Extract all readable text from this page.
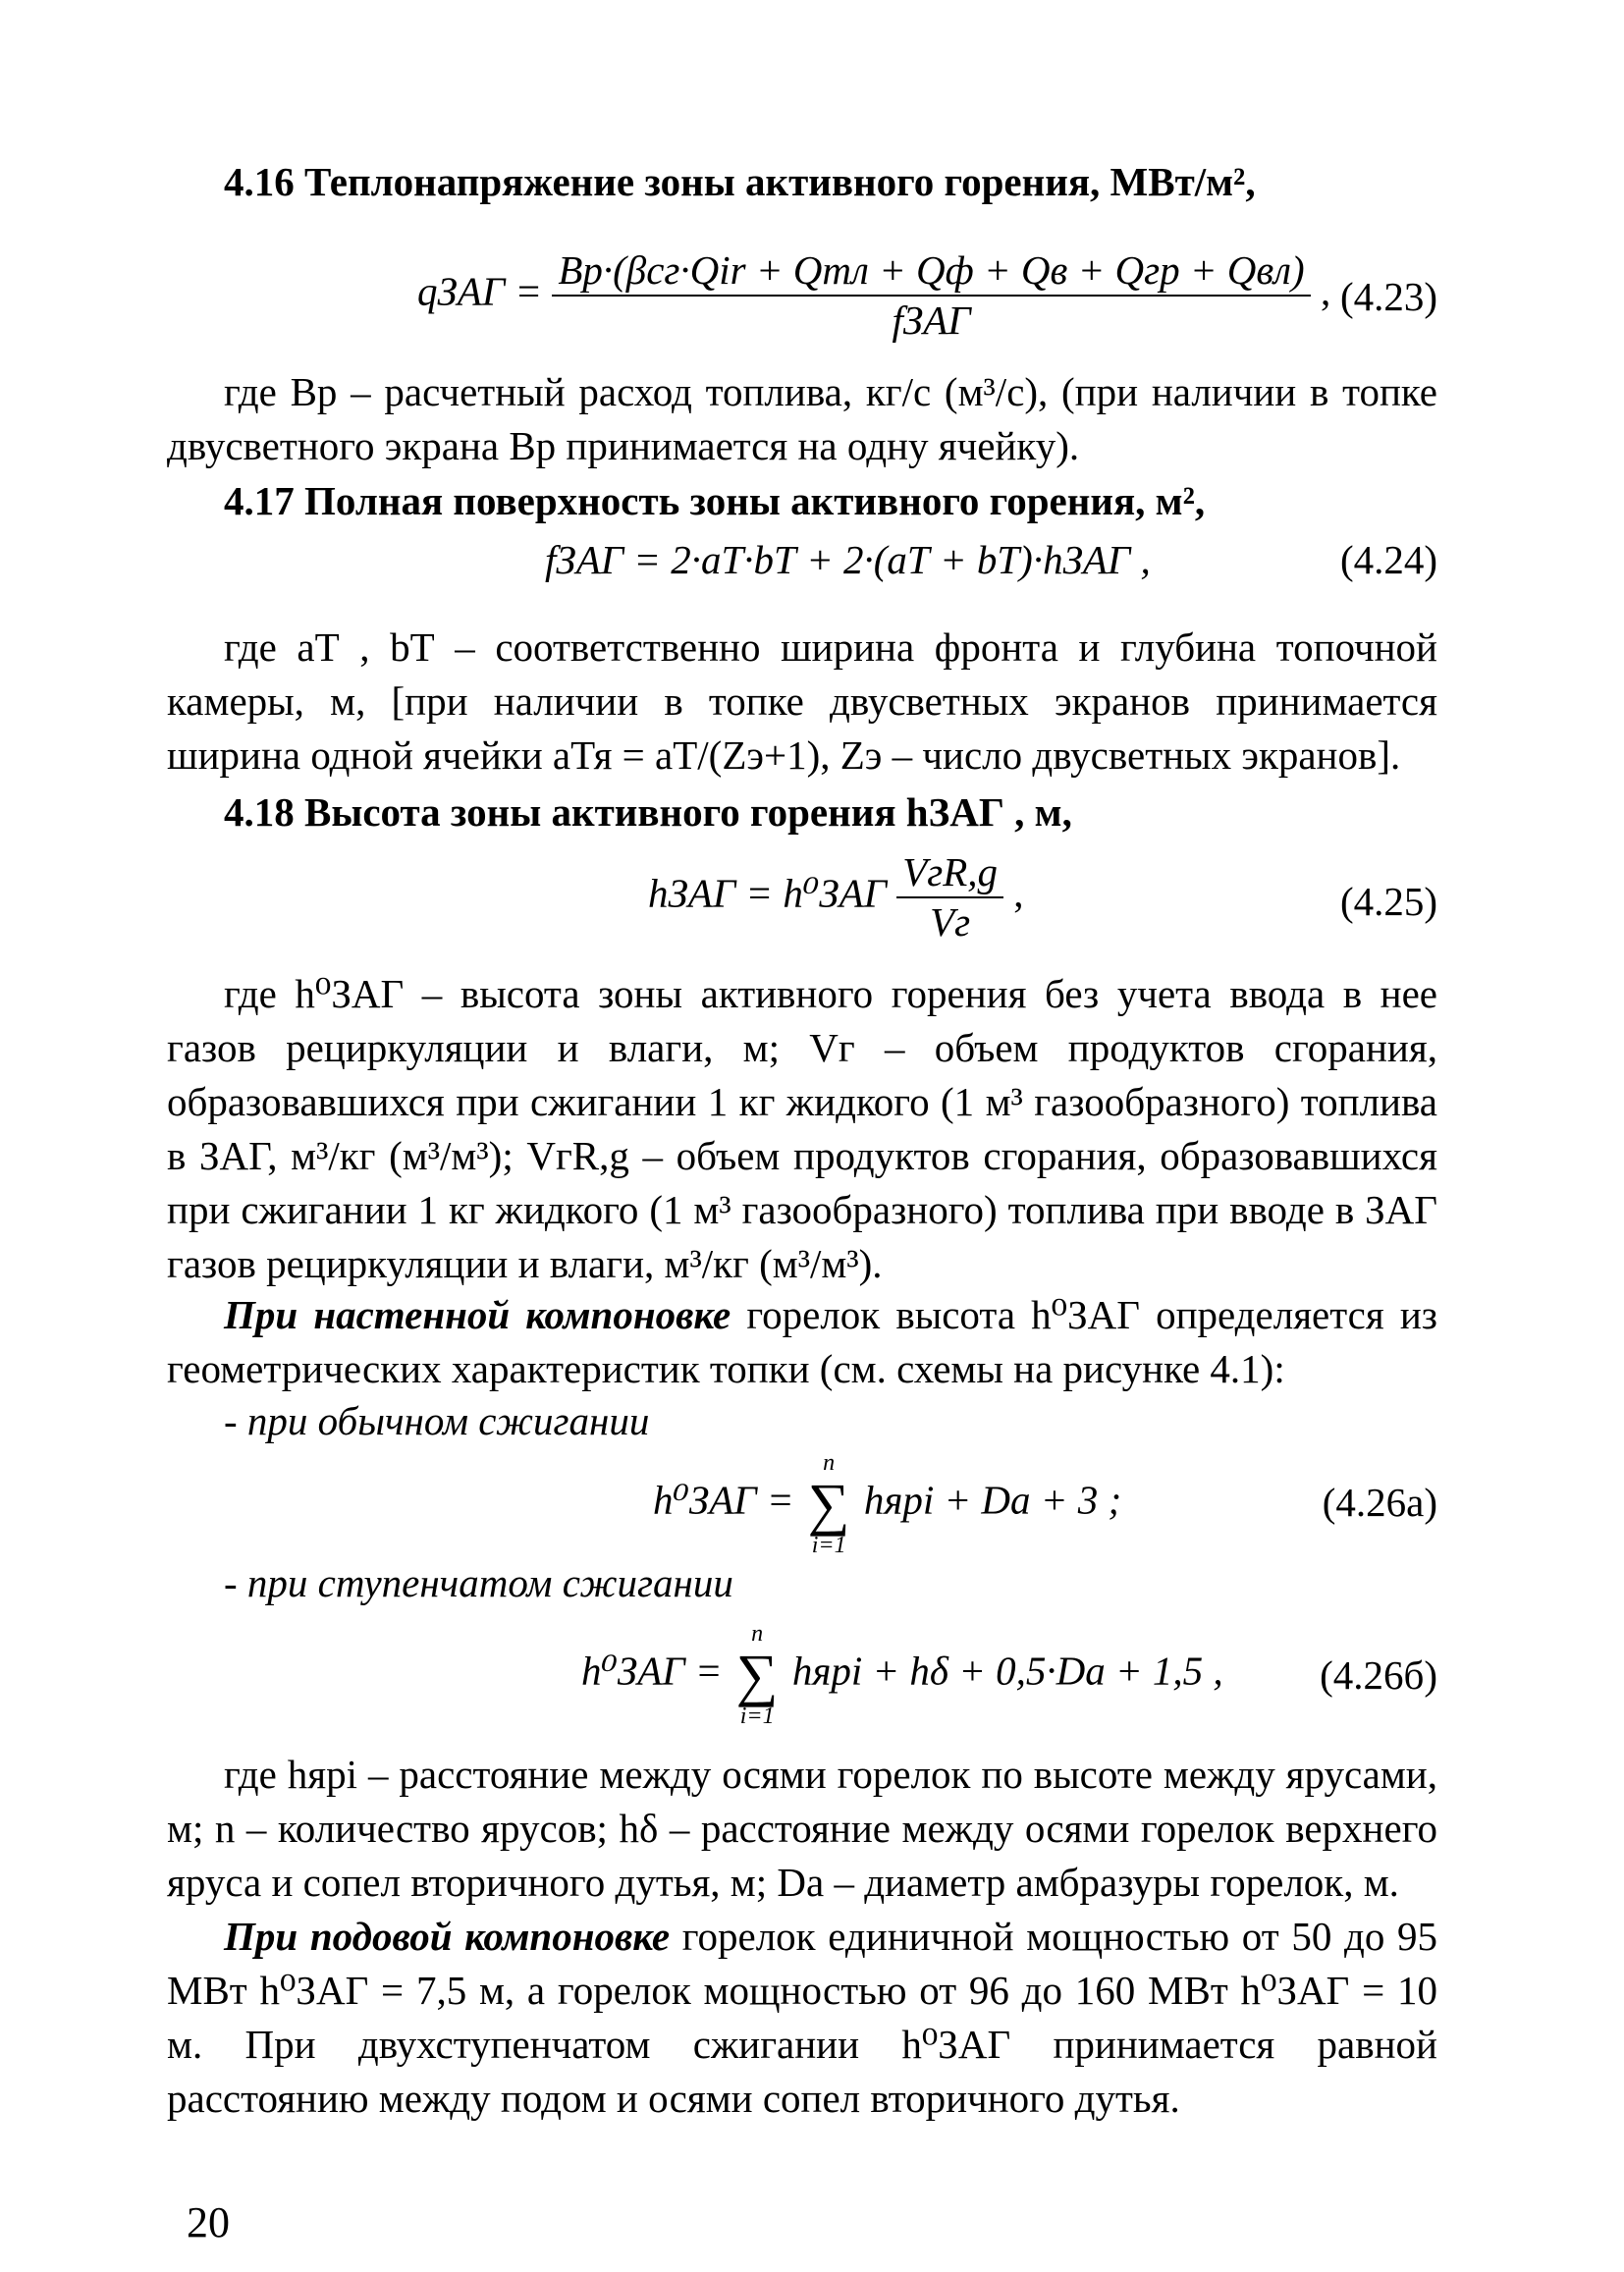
4.16 Теплонапряжение зоны активного горения, МВт/м²,
qЗАГ = $\frac{\text{Bр·(βсг·Qir + Qтл + Qф + Qв + Qгр + Qвл)}}{\text{fЗАГ}}$ , (4.23)
где Bр – расчетный расход топлива, кг/с (м³/с), (при наличии в топке двусветного экрана Bр принимается на одну ячейку).
4.17 Полная поверхность зоны активного горения, м²,
fЗАГ = 2·aТ·bТ + 2·(aТ + bТ)·hЗАГ ,	(4.24)
где aТ , bТ – соответственно ширина фронта и глубина топочной камеры, м, [при наличии в топке двусветных экранов принимается ширина одной ячейки aТя = aТ/(Zэ+1), Zэ – число двусветных экранов].
4.18 Высота зоны активного горения hЗАГ , м,
hЗАГ = $h^0ЗАГ \frac{\text{VгR,g}}{Vг}$ ,	(4.25)
где h⁰ЗАГ – высота зоны активного горения без учета ввода в нее газов рециркуляции и влаги, м; Vг – объем продуктов сгорания, образовавшихся при сжигании 1 кг жидкого (1 м³ газообразного) топлива в ЗАГ, м³/кг (м³/м³); VгR,g – объем продуктов сгорания, образовавшихся при сжигании 1 кг жидкого (1 м³ газообразного) топлива при вводе в ЗАГ газов рециркуляции и влаги, м³/кг (м³/м³).
При настенной компоновке горелок высота h⁰ЗАГ определяется из геометрических характеристик топки (см. схемы на рисунке 4.1):
- при обычном сжигании
h⁰ЗАГ =
n
∑
i=1
hярi + Dа + 3 ;	(4.26а)
- при ступенчатом сжигании
h⁰ЗАГ =
n
∑
i=1
hярi + hδ + 0,5·Dа + 1,5 , (4.26б)
где hярi – расстояние между осями горелок по высоте между ярусами, м; n – количество ярусов; hδ – расстояние между осями горелок верхнего яруса и сопел вторичного дутья, м; Dа – диаметр амбразуры горелок, м.
При подовой компоновке горелок единичной мощностью от 50 до 95 МВт h⁰ЗАГ = 7,5 м, а горелок мощностью от 96 до 160 МВт h⁰ЗАГ = 10 м. При двухступенчатом сжигании h⁰ЗАГ принимается равной расстоянию между подом и осями сопел вторичного дутья.
20
